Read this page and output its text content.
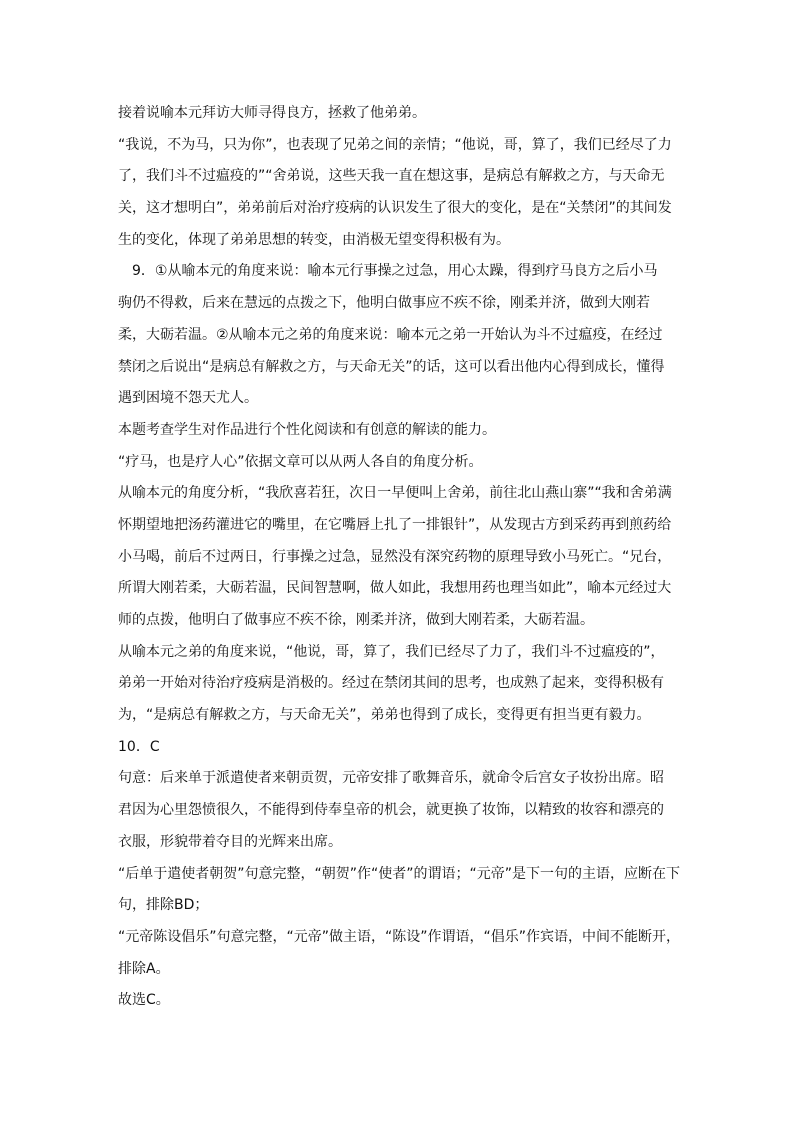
接着说喻本元拜访大师寻得良方，拯救了他弟弟。
“我说，不为马，只为你”，也表现了兄弟之间的亲情；“他说，哥，算了，我们已经尽了力
了，我们斗不过瘟疫的”“舍弟说，这些天我一直在想这事，是病总有解救之方，与天命无
关，这才想明白”，弟弟前后对治疗疫病的认识发生了很大的变化，是在“关禁闭”的其间发
生的变化，体现了弟弟思想的转变，由消极无望变得积极有为。
9．①从喻本元的角度来说：喻本元行事操之过急，用心太躁，得到疗马良方之后小马
驹仍不得救，后来在慧远的点拨之下，他明白做事应不疾不徐，刚柔并济，做到大刚若
柔，大砺若温。②从喻本元之弟的角度来说：喻本元之弟一开始认为斗不过瘟疫，在经过
禁闭之后说出“是病总有解救之方，与天命无关”的话，这可以看出他内心得到成长，懂得
遇到困境不怨天尤人。
本题考查学生对作品进行个性化阅读和有创意的解读的能力。
“疗马，也是疗人心”依据文章可以从两人各自的角度分析。
从喻本元的角度分析，“我欣喜若狂，次日一早便叫上舍弟，前往北山燕山寨”“我和舍弟满
怀期望地把汤药灌进它的嘴里，在它嘴唇上扎了一排银针”，从发现古方到采药再到煎药给
小马喝，前后不过两日，行事操之过急，显然没有深究药物的原理导致小马死亡。“兄台，
所谓大刚若柔，大砺若温，民间智慧啊，做人如此，我想用药也理当如此”，喻本元经过大
师的点拨，他明白了做事应不疾不徐，刚柔并济，做到大刚若柔，大砺若温。
从喻本元之弟的角度来说，“他说，哥，算了，我们已经尽了力了，我们斗不过瘟疫的”，
弟弟一开始对待治疗疫病是消极的。经过在禁闭其间的思考，也成熟了起来，变得积极有
为，“是病总有解救之方，与天命无关”，弟弟也得到了成长，变得更有担当更有毅力。
10．C
句意：后来单于派遣使者来朝贡贺，元帝安排了歌舞音乐，就命令后宫女子妆扮出席。昭
君因为心里怨愤很久，不能得到侍奉皇帝的机会，就更换了妆饰，以精致的妆容和漂亮的
衣服，形貌带着夺目的光辉来出席。
“后单于遣使者朝贺”句意完整，“朝贺”作“使者”的谓语；“元帝”是下一句的主语，应断在下
句，排除BD；
“元帝陈设倡乐”句意完整，“元帝”做主语，“陈设”作谓语，“倡乐”作宾语，中间不能断开，
排除A。
故选C。
